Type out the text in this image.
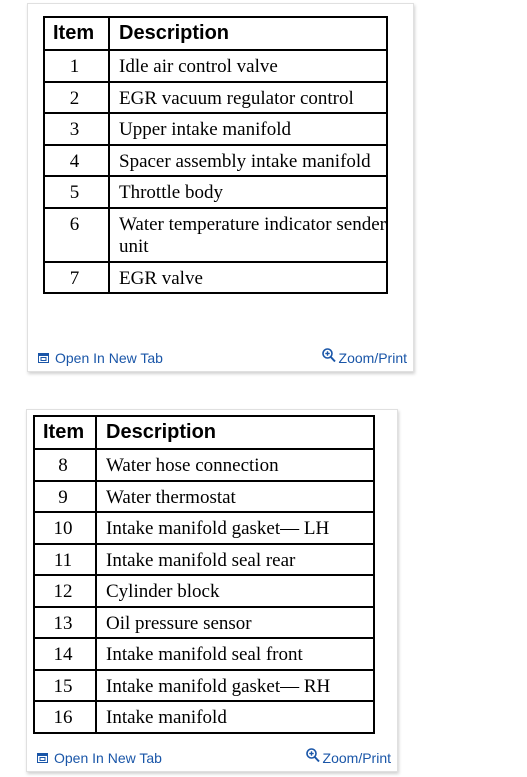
Item	Description
1	Idle air control valve
2	EGR vacuum regulator control
3	Upper intake manifold
4	Spacer assembly intake manifold
5	Throttle body
6	Water temperature indicator sender unit
7	EGR valve
Open In New Tab	Zoom/Print
Item	Description
8	Water hose connection
9	Water thermostat
10	Intake manifold gasket— LH
11	Intake manifold seal rear
12	Cylinder block
13	Oil pressure sensor
14	Intake manifold seal front
15	Intake manifold gasket— RH
16	Intake manifold
Open In New Tab	Zoom/Print
